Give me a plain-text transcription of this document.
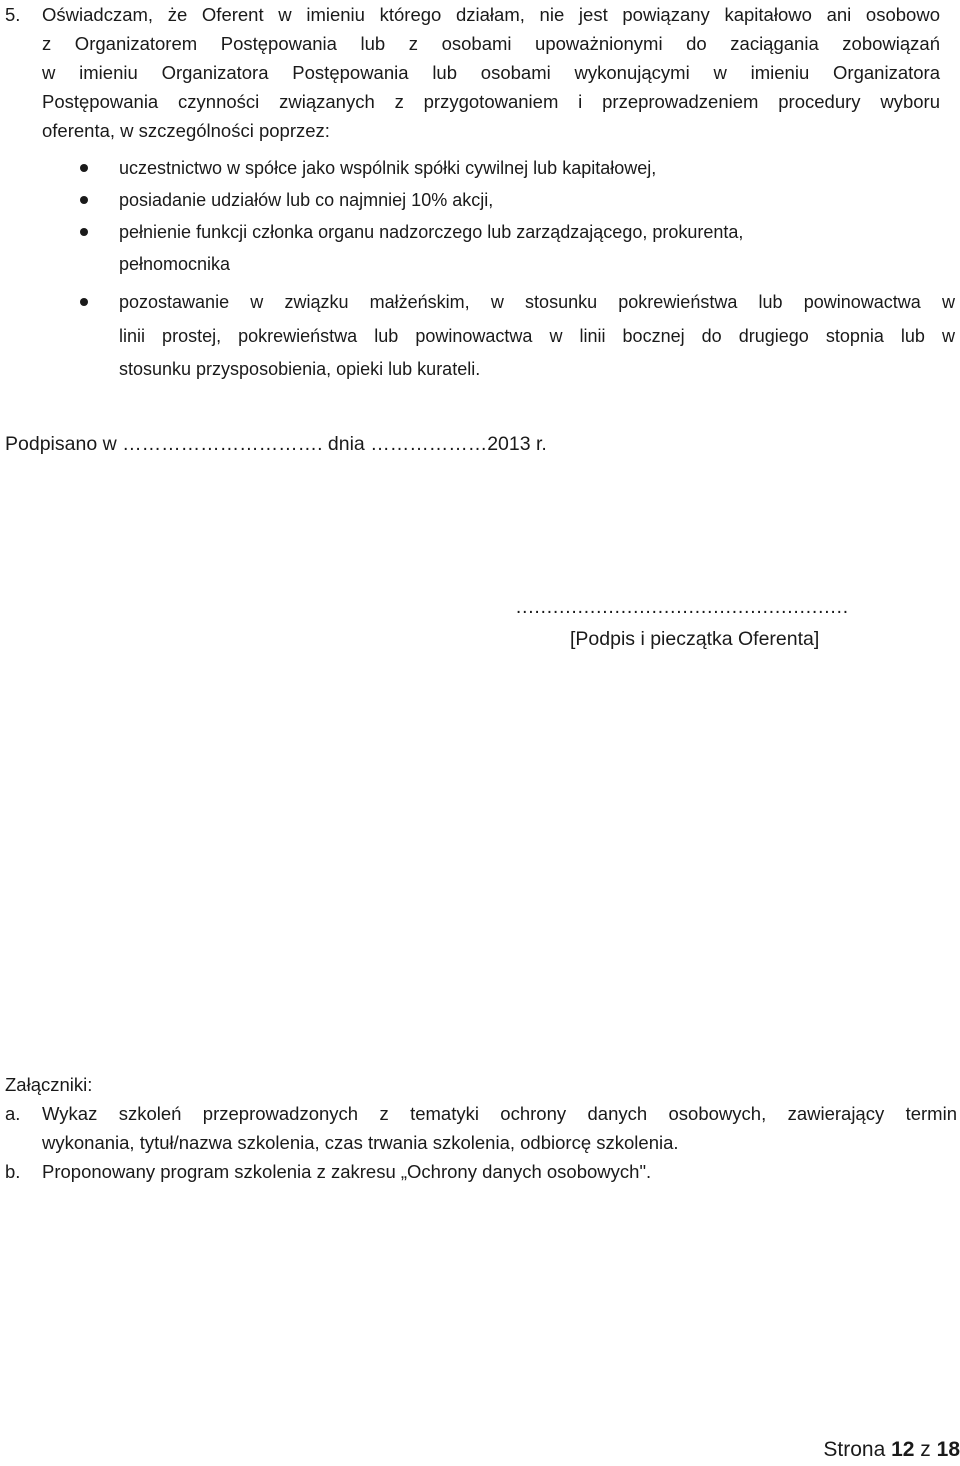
5. Oświadczam, że Oferent w imieniu którego działam, nie jest powiązany kapitałowo ani osobowo
z Organizatorem Postępowania lub z osobami upoważnionymi do zaciągania zobowiązań
w imieniu Organizatora Postępowania lub osobami wykonującymi w imieniu Organizatora
Postępowania czynności związanych z przygotowaniem i przeprowadzeniem procedury wyboru
oferenta, w szczególności poprzez:
uczestnictwo w spółce jako wspólnik spółki cywilnej lub kapitałowej,
posiadanie udziałów lub co najmniej 10% akcji,
pełnienie funkcji członka organu nadzorczego lub zarządzającego, prokurenta,
pełnomocnika
pozostawanie w związku małżeńskim, w stosunku pokrewieństwa lub powinowactwa w
linii prostej, pokrewieństwa lub powinowactwa w linii bocznej do drugiego stopnia lub w
stosunku przysposobienia, opieki lub kurateli.
Podpisano w …………………………. dnia ………………2013 r.
………………………………………………
[Podpis i pieczątka Oferenta]
Załączniki:
a. Wykaz szkoleń przeprowadzonych z tematyki ochrony danych osobowych, zawierający termin
wykonania, tytuł/nazwa szkolenia, czas trwania szkolenia, odbiorcę szkolenia.
b. Proponowany program szkolenia z zakresu „Ochrony danych osobowych".
Strona 12 z 18
